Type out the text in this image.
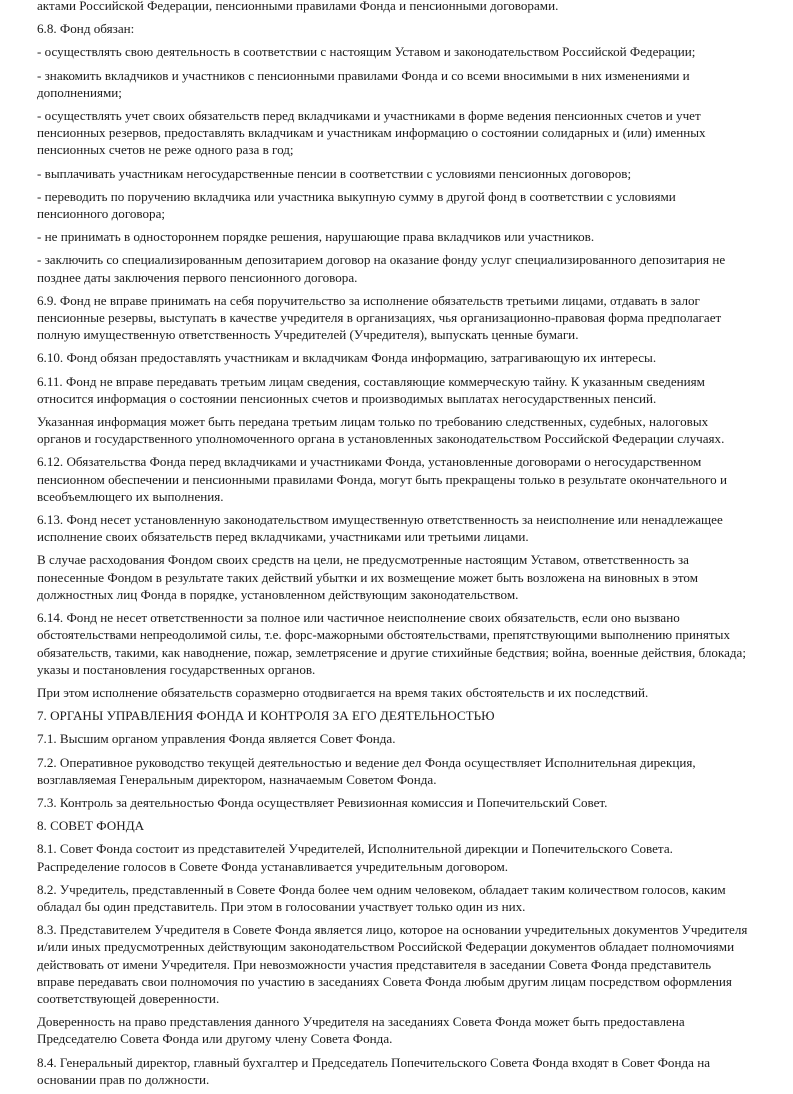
актами Российской Федерации, пенсионными правилами Фонда и пенсионными договорами.

6.8. Фонд обязан:

- осуществлять свою деятельность в соответствии с настоящим Уставом и законодательством Российской Федерации;

- знакомить вкладчиков и участников с пенсионными правилами Фонда и со всеми вносимыми в них изменениями и дополнениями;

- осуществлять учет своих обязательств перед вкладчиками и участниками в форме ведения пенсионных счетов и учет пенсионных резервов, предоставлять вкладчикам и участникам информацию о состоянии солидарных и (или) именных пенсионных счетов не реже одного раза в год;

- выплачивать участникам негосударственные пенсии в соответствии с условиями пенсионных договоров;

- переводить по поручению вкладчика или участника выкупную сумму в другой фонд в соответствии с условиями пенсионного договора;

- не принимать в одностороннем порядке решения, нарушающие права вкладчиков или участников.

- заключить со специализированным депозитарием договор на оказание фонду услуг специализированного депозитария не позднее даты заключения первого пенсионного договора.

6.9. Фонд не вправе принимать на себя поручительство за исполнение обязательств третьими лицами, отдавать в залог пенсионные резервы, выступать в качестве учредителя в организациях, чья организационно-правовая форма предполагает полную имущественную ответственность Учредителей (Учредителя), выпускать ценные бумаги.

6.10. Фонд обязан предоставлять участникам и вкладчикам Фонда информацию, затрагивающую их интересы.

6.11. Фонд не вправе передавать третьим лицам сведения, составляющие коммерческую тайну. К указанным сведениям относится информация о состоянии пенсионных счетов и производимых выплатах негосударственных пенсий.

Указанная информация может быть передана третьим лицам только по требованию следственных, судебных, налоговых органов и государственного уполномоченного органа в установленных законодательством Российской Федерации случаях.

6.12. Обязательства Фонда перед вкладчиками и участниками Фонда, установленные договорами о негосударственном пенсионном обеспечении и пенсионными правилами Фонда, могут быть прекращены только в результате окончательного и всеобъемлющего их выполнения.

6.13. Фонд несет установленную законодательством имущественную ответственность за неисполнение или ненадлежащее исполнение своих обязательств перед вкладчиками, участниками или третьими лицами.

В случае расходования Фондом своих средств на цели, не предусмотренные настоящим Уставом, ответственность за понесенные Фондом в результате таких действий убытки и их возмещение может быть возложена на виновных в этом должностных лиц Фонда в порядке, установленном действующим законодательством.

6.14. Фонд не несет ответственности за полное или частичное неисполнение своих обязательств, если оно вызвано обстоятельствами непреодолимой силы, т.е. форс-мажорными обстоятельствами, препятствующими выполнению принятых обязательств, такими, как наводнение, пожар, землетрясение и другие стихийные бедствия; война, военные действия, блокада; указы и постановления государственных органов.

При этом исполнение обязательств соразмерно отодвигается на время таких обстоятельств и их последствий.

7. ОРГАНЫ УПРАВЛЕНИЯ ФОНДА И КОНТРОЛЯ ЗА ЕГО ДЕЯТЕЛЬНОСТЬЮ

7.1. Высшим органом управления Фонда является Совет Фонда.

7.2. Оперативное руководство текущей деятельностью и ведение дел Фонда осуществляет Исполнительная дирекция, возглавляемая Генеральным директором, назначаемым Советом Фонда.

7.3. Контроль за деятельностью Фонда осуществляет Ревизионная комиссия и Попечительский Совет.

8. СОВЕТ ФОНДА

8.1. Совет Фонда состоит из представителей Учредителей, Исполнительной дирекции и Попечительского Совета. Распределение голосов в Совете Фонда устанавливается учредительным договором.

8.2. Учредитель, представленный в Совете Фонда более чем одним человеком, обладает таким количеством голосов, каким обладал бы один представитель. При этом в голосовании участвует только один из них.

8.3. Представителем Учредителя в Совете Фонда является лицо, которое на основании учредительных документов Учредителя и/или иных предусмотренных действующим законодательством Российской Федерации документов обладает полномочиями действовать от имени Учредителя. При невозможности участия представителя в заседании Совета Фонда представитель вправе передавать свои полномочия по участию в заседаниях Совета Фонда любым другим лицам посредством оформления соответствующей доверенности.

Доверенность на право представления данного Учредителя на заседаниях Совета Фонда может быть предоставлена Председателю Совета Фонда или другому члену Совета Фонда.

8.4. Генеральный директор, главный бухгалтер и Председатель Попечительского Совета Фонда входят в Совет Фонда на основании прав по должности.
